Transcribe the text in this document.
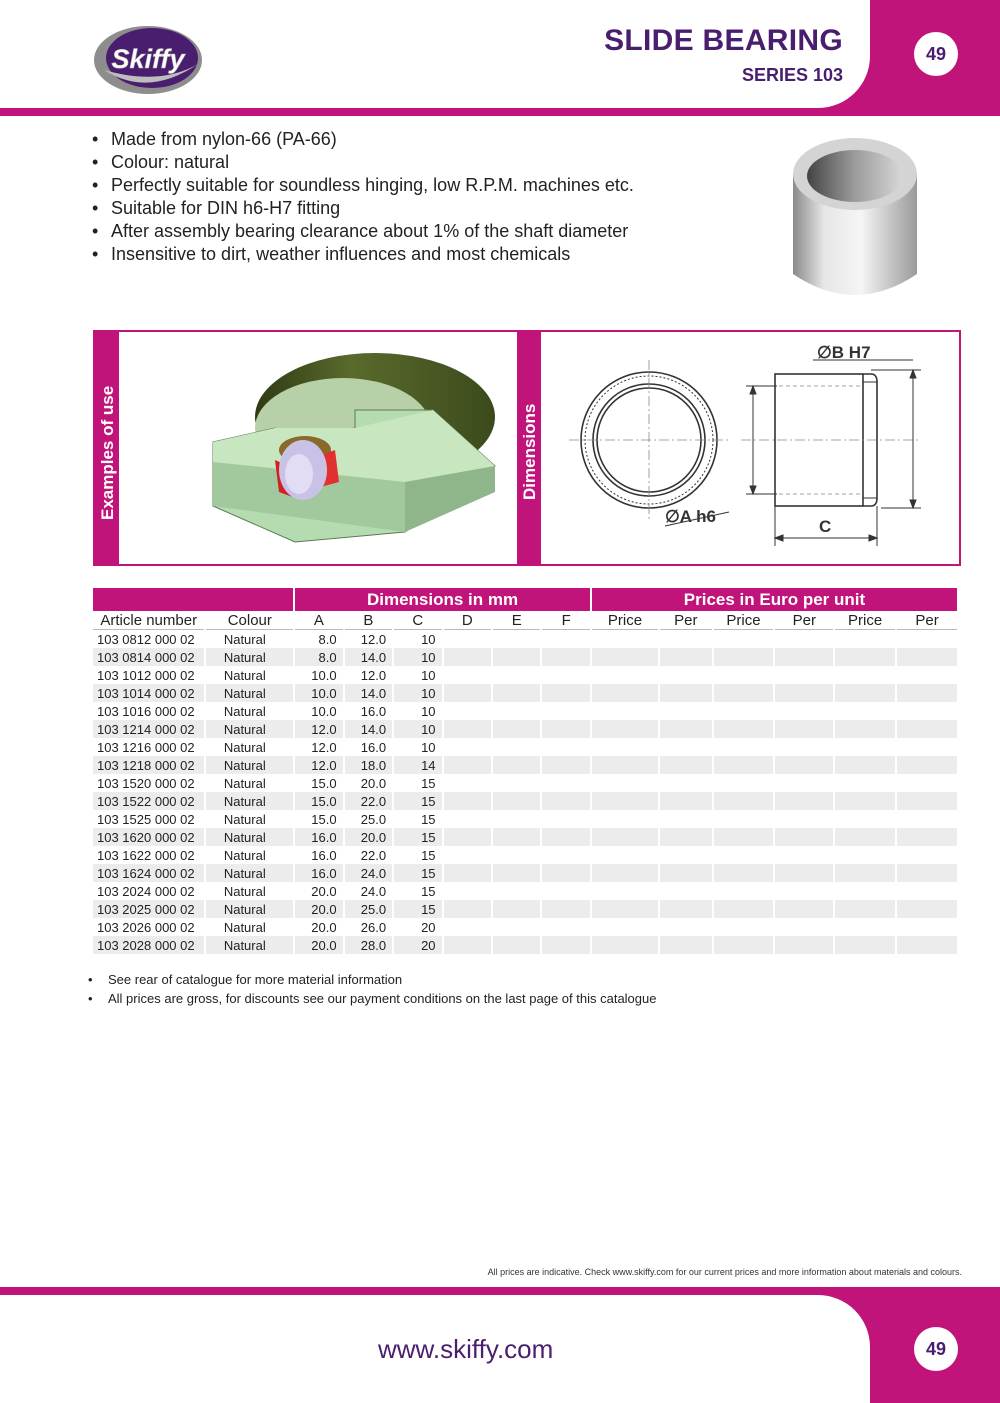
Skiffy
SLIDE BEARING
SERIES 103
49
• Made from nylon-66 (PA-66)
• Colour: natural
• Perfectly suitable for soundless hinging, low R.P.M. machines etc.
• Suitable for DIN h6-H7 fitting
• After assembly bearing clearance about 1% of the shaft diameter
• Insensitive to dirt, weather influences and most chemicals
Examples of use	Dimensions
∅B H7
∅A h6
C
		Dimensions in mm						Prices in Euro per unit					
Article number	Colour	A	B	C	D	E	F	Price	Per	Price	Per	Price	Per
103 0812 000 02	Natural	8.0	12.0	10									
103 0814 000 02	Natural	8.0	14.0	10									
103 1012 000 02	Natural	10.0	12.0	10									
103 1014 000 02	Natural	10.0	14.0	10									
103 1016 000 02	Natural	10.0	16.0	10									
103 1214 000 02	Natural	12.0	14.0	10									
103 1216 000 02	Natural	12.0	16.0	10									
103 1218 000 02	Natural	12.0	18.0	14									
103 1520 000 02	Natural	15.0	20.0	15									
103 1522 000 02	Natural	15.0	22.0	15									
103 1525 000 02	Natural	15.0	25.0	15									
103 1620 000 02	Natural	16.0	20.0	15									
103 1622 000 02	Natural	16.0	22.0	15									
103 1624 000 02	Natural	16.0	24.0	15									
103 2024 000 02	Natural	20.0	24.0	15									
103 2025 000 02	Natural	20.0	25.0	15									
103 2026 000 02	Natural	20.0	26.0	20									
103 2028 000 02	Natural	20.0	28.0	20									
• See rear of catalogue for more material information
• All prices are gross, for discounts see our payment conditions on the last page of this catalogue
All prices are indicative. Check www.skiffy.com for our current prices and more information about materials and colours.
www.skiffy.com	49
